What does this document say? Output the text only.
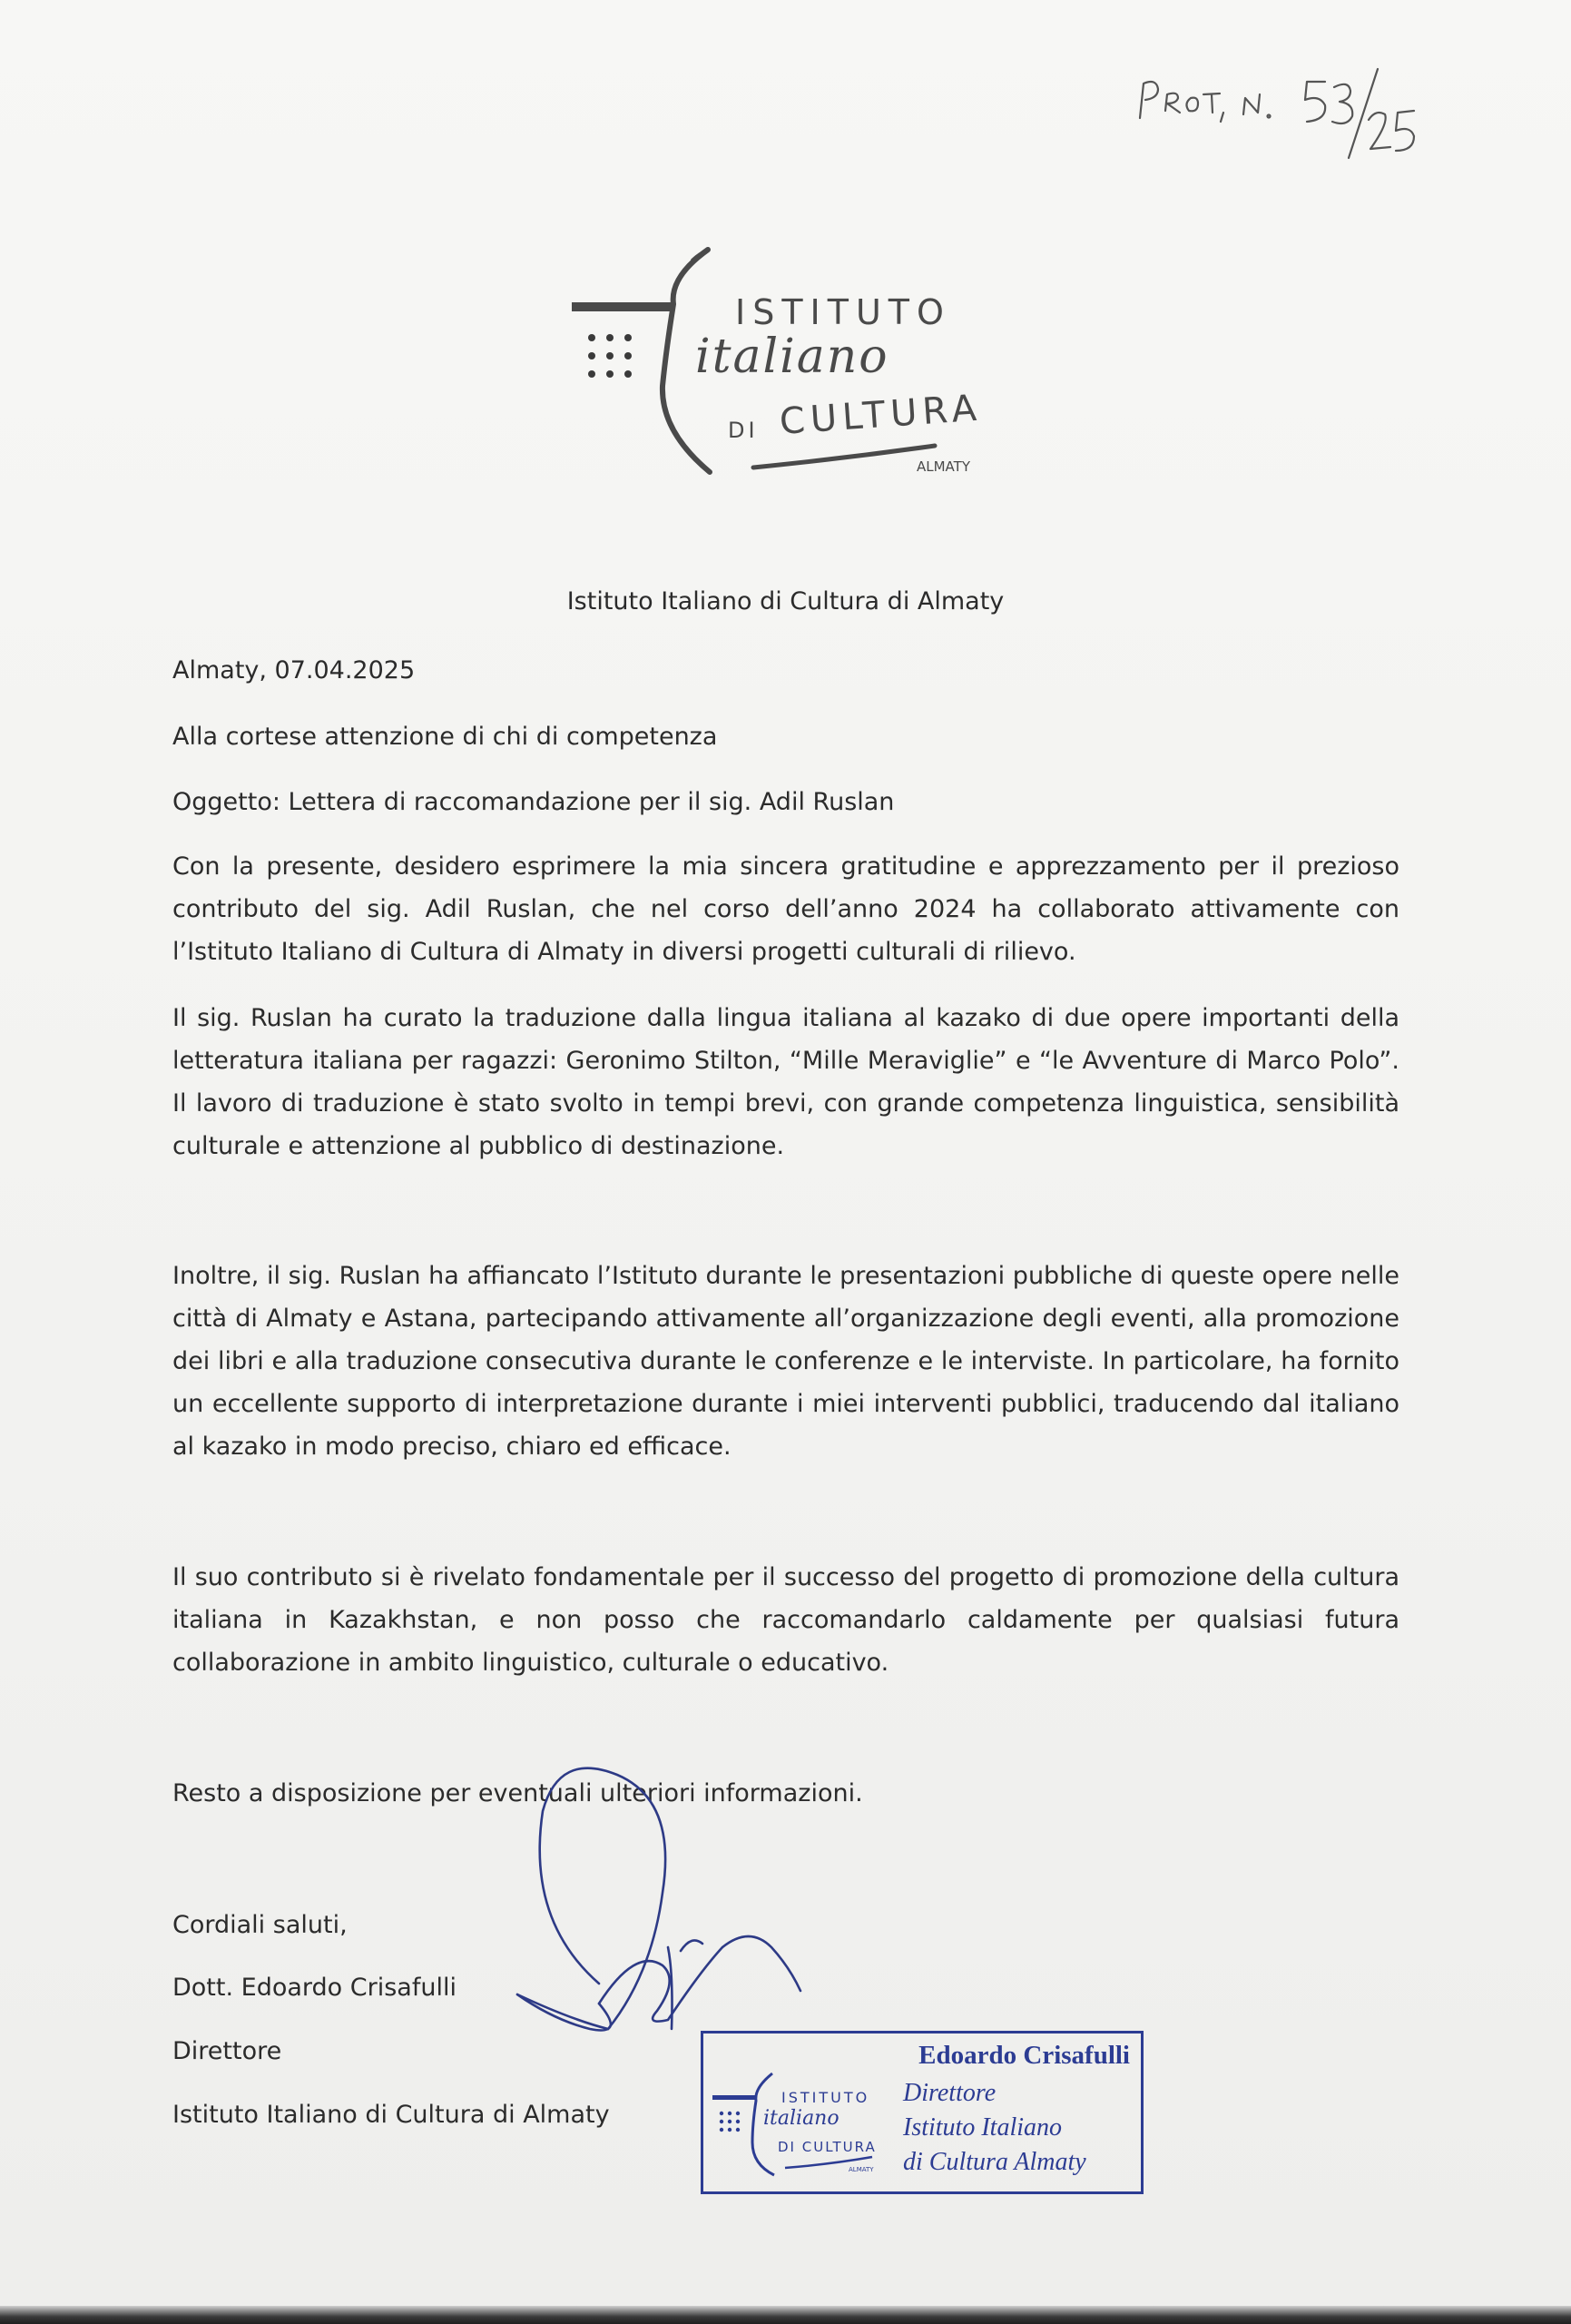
ISTITUTO
italiano
DI CULTURA
ALMATY
Istituto Italiano di Cultura di Almaty
Almaty, 07.04.2025
Alla cortese attenzione di chi di competenza
Oggetto: Lettera di raccomandazione per il sig. Adil Ruslan
Con la presente, desidero esprimere la mia sincera gratitudine e apprezzamento per il prezioso contributo del sig. Adil Ruslan, che nel corso dell’anno 2024 ha collaborato attivamente con l’Istituto Italiano di Cultura di Almaty in diversi progetti culturali di rilievo.
Il sig. Ruslan ha curato la traduzione dalla lingua italiana al kazako di due opere importanti della letteratura italiana per ragazzi: Geronimo Stilton, “Mille Meraviglie” e “le Avventure di Marco Polo”. Il lavoro di traduzione è stato svolto in tempi brevi, con grande competenza linguistica, sensibilità culturale e attenzione al pubblico di destinazione.
Inoltre, il sig. Ruslan ha affiancato l’Istituto durante le presentazioni pubbliche di queste opere nelle città di Almaty e Astana, partecipando attivamente all’organizzazione degli eventi, alla promozione dei libri e alla traduzione consecutiva durante le conferenze e le interviste. In particolare, ha fornito un eccellente supporto di interpretazione durante i miei interventi pubblici, traducendo dal italiano al kazako in modo preciso, chiaro ed efficace.
Il suo contributo si è rivelato fondamentale per il successo del progetto di promozione della cultura italiana in Kazakhstan, e non posso che raccomandarlo caldamente per qualsiasi futura collaborazione in ambito linguistico, culturale o educativo.
Resto a disposizione per eventuali ulteriori informazioni.
Cordiali saluti,
Dott. Edoardo Crisafulli
Direttore
Istituto Italiano di Cultura di Almaty
ISTITUTO
italiano
DI CULTURA
ALMATY
Edoardo Crisafulli
Direttore
Istituto Italiano
di Cultura Almaty
